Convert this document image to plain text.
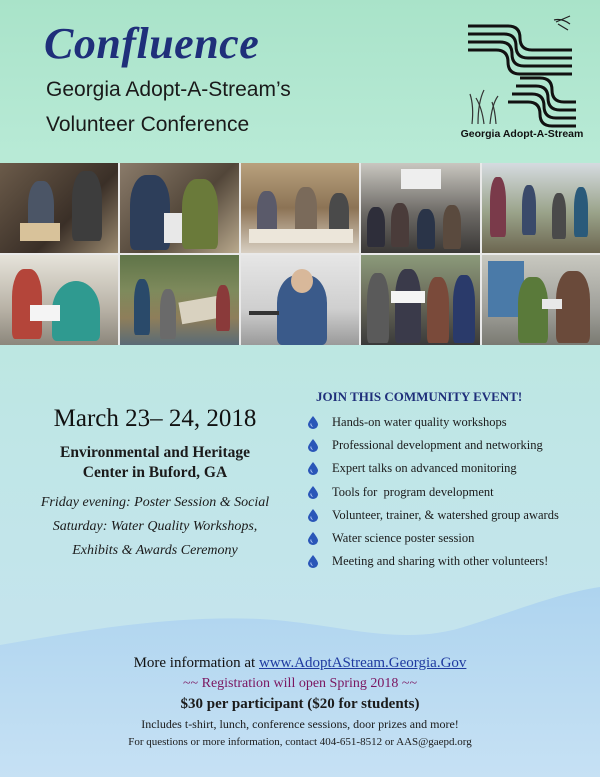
Confluence
Georgia Adopt-A-Stream’s
Volunteer Conference	Georgia Adopt-A-Stream
March 23– 24, 2018
Environmental and Heritage
Center in Buford, GA
Friday evening: Poster Session & Social
Saturday: Water Quality Workshops,
Exhibits & Awards Ceremony
JOIN THIS COMMUNITY EVENT!
Hands-on water quality workshops
Professional development and networking
Expert talks on advanced monitoring
Tools for  program development
Volunteer, trainer, & watershed group awards
Water science poster session
Meeting and sharing with other volunteers!
More information at www.AdoptAStream.Georgia.Gov
~~ Registration will open Spring 2018 ~~
$30 per participant ($20 for students)
Includes t-shirt, lunch, conference sessions, door prizes and more!
For questions or more information, contact 404-651-8512 or AAS@gaepd.org
